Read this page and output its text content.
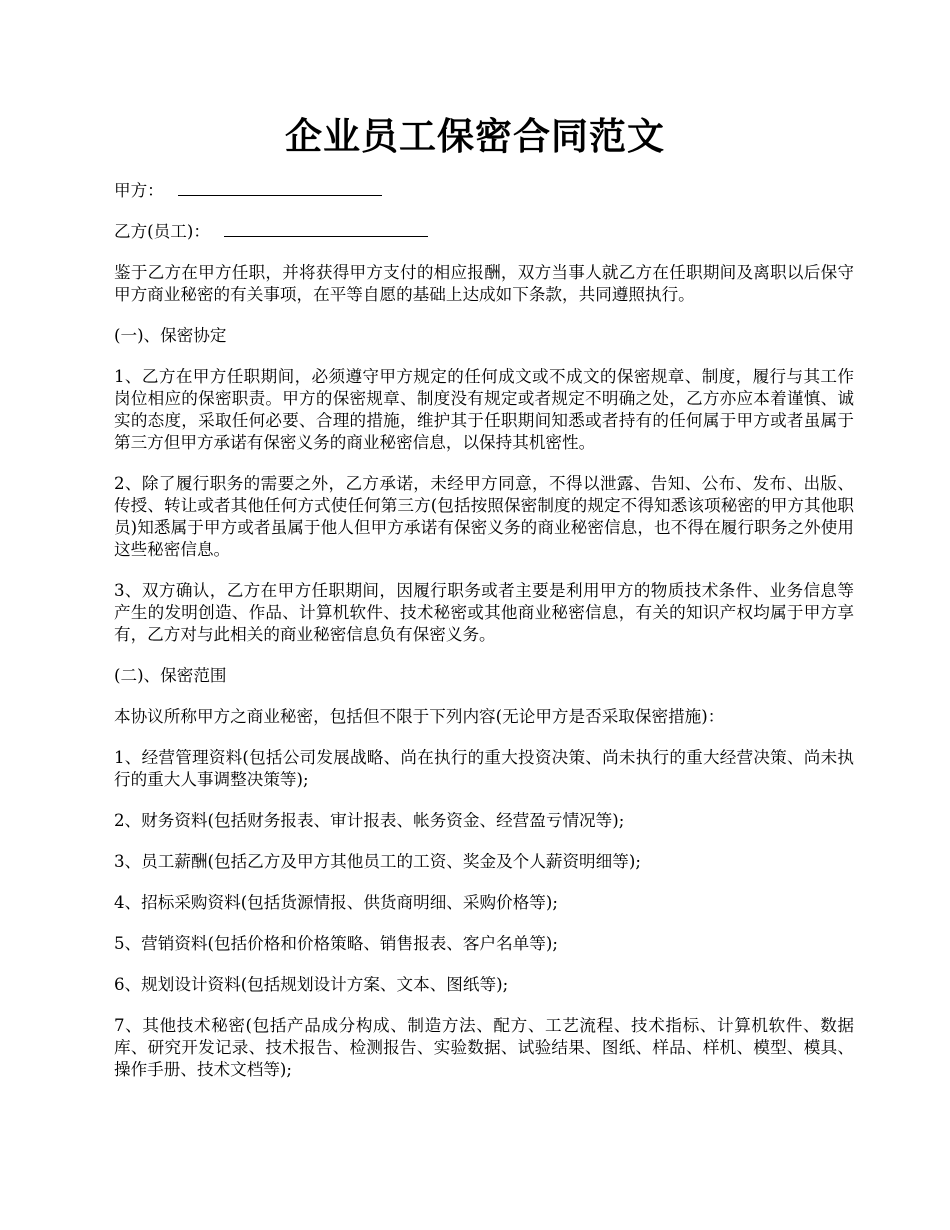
企业员工保密合同范文

甲方：

乙方(员工)：

鉴于乙方在甲方任职，并将获得甲方支付的相应报酬，双方当事人就乙方在任职期间及离职以后保守甲方商业秘密的有关事项，在平等自愿的基础上达成如下条款，共同遵照执行。

(一)、保密协定

1、乙方在甲方任职期间，必须遵守甲方规定的任何成文或不成文的保密规章、制度，履行与其工作岗位相应的保密职责。甲方的保密规章、制度没有规定或者规定不明确之处，乙方亦应本着谨慎、诚实的态度，采取任何必要、合理的措施，维护其于任职期间知悉或者持有的任何属于甲方或者虽属于第三方但甲方承诺有保密义务的商业秘密信息，以保持其机密性。

2、除了履行职务的需要之外，乙方承诺，未经甲方同意，不得以泄露、告知、公布、发布、出版、传授、转让或者其他任何方式使任何第三方(包括按照保密制度的规定不得知悉该项秘密的甲方其他职员)知悉属于甲方或者虽属于他人但甲方承诺有保密义务的商业秘密信息，也不得在履行职务之外使用这些秘密信息。

3、双方确认，乙方在甲方任职期间，因履行职务或者主要是利用甲方的物质技术条件、业务信息等产生的发明创造、作品、计算机软件、技术秘密或其他商业秘密信息，有关的知识产权均属于甲方享有，乙方对与此相关的商业秘密信息负有保密义务。

(二)、保密范围

本协议所称甲方之商业秘密，包括但不限于下列内容(无论甲方是否采取保密措施)：

1、经营管理资料(包括公司发展战略、尚在执行的重大投资决策、尚未执行的重大经营决策、尚未执行的重大人事调整决策等);

2、财务资料(包括财务报表、审计报表、帐务资金、经营盈亏情况等);

3、员工薪酬(包括乙方及甲方其他员工的工资、奖金及个人薪资明细等);

4、招标采购资料(包括货源情报、供货商明细、采购价格等);

5、营销资料(包括价格和价格策略、销售报表、客户名单等);

6、规划设计资料(包括规划设计方案、文本、图纸等);

7、其他技术秘密(包括产品成分构成、制造方法、配方、工艺流程、技术指标、计算机软件、数据库、研究开发记录、技术报告、检测报告、实验数据、试验结果、图纸、样品、样机、模型、模具、操作手册、技术文档等);
